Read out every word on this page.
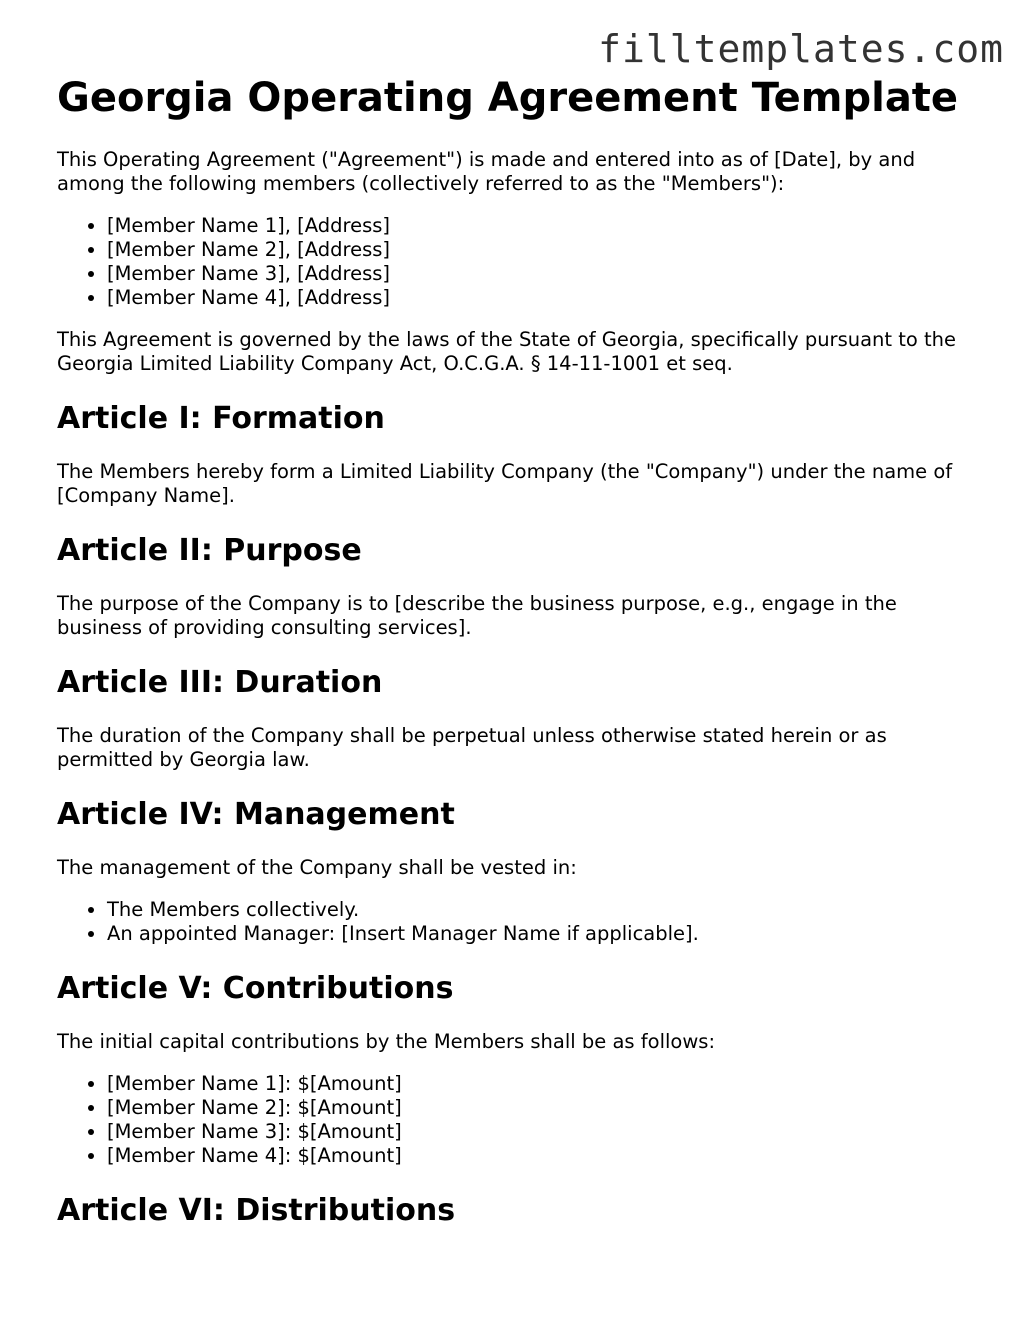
filltemplates.com
Georgia Operating Agreement Template

This Operating Agreement ("Agreement") is made and entered into as of [Date], by and among the following members (collectively referred to as the "Members"):

• [Member Name 1], [Address]
• [Member Name 2], [Address]
• [Member Name 3], [Address]
• [Member Name 4], [Address]

This Agreement is governed by the laws of the State of Georgia, specifically pursuant to the Georgia Limited Liability Company Act, O.C.G.A. § 14-11-1001 et seq.

Article I: Formation

The Members hereby form a Limited Liability Company (the "Company") under the name of [Company Name].

Article II: Purpose

The purpose of the Company is to [describe the business purpose, e.g., engage in the business of providing consulting services].

Article III: Duration

The duration of the Company shall be perpetual unless otherwise stated herein or as permitted by Georgia law.

Article IV: Management

The management of the Company shall be vested in:

• The Members collectively.
• An appointed Manager: [Insert Manager Name if applicable].
Article V: Contributions

The initial capital contributions by the Members shall be as follows:

• [Member Name 1]: $[Amount]
• [Member Name 2]: $[Amount]
• [Member Name 3]: $[Amount]
• [Member Name 4]: $[Amount]
Article VI: Distributions
